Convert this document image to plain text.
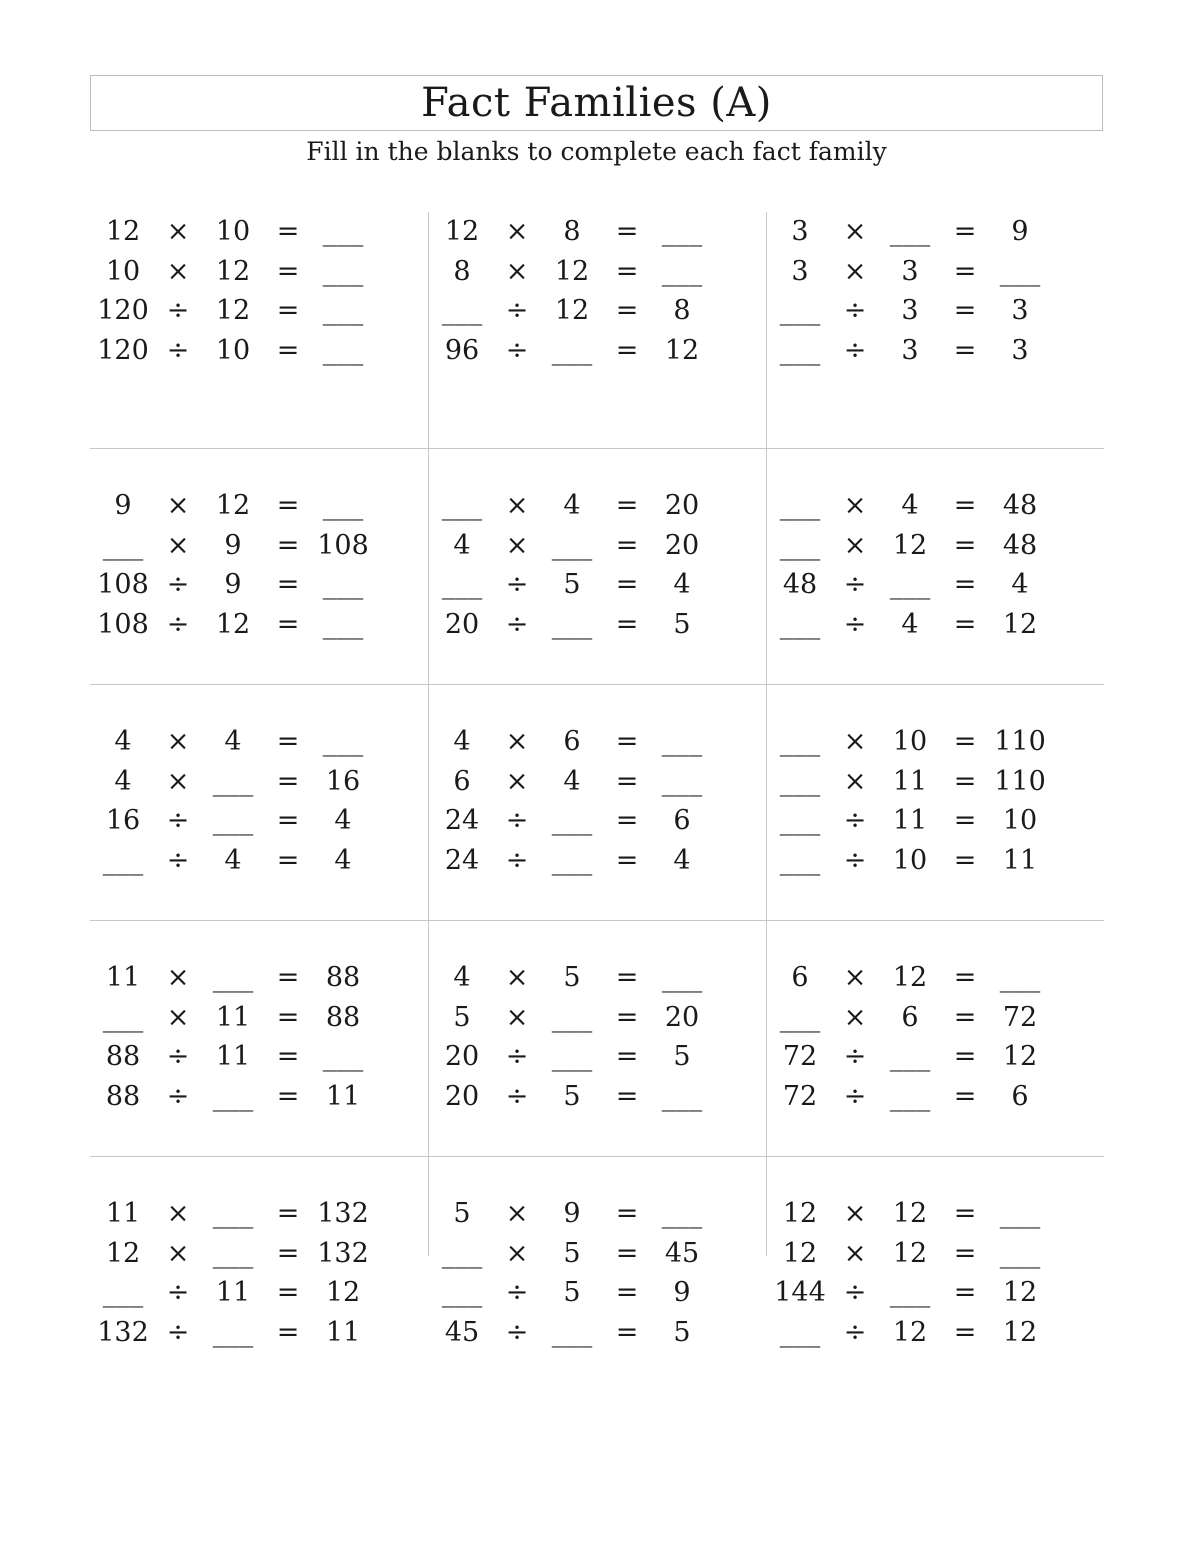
Fact Families (A)
Fill in the blanks to complete each fact family
12 × 10 = ___
10 × 12 = ___
120 ÷ 12 = ___
120 ÷ 10 = ___
12 ×	8	= ___
8	× 12 = ___
___ ÷ 12 =	8
96 ÷ ___ = 12
3	× ___ =	9
3	×	3	= ___
___ ÷	3	=	3
___ ÷	3	=	3
9	× 12 = ___
___ ×	9	= 108
108 ÷	9	= ___
108 ÷ 12 = ___
___ ×	4	= 20
4	× ___ = 20
___ ÷	5	=	4
20 ÷ ___ =	5
___ ×	4	= 48
___ × 12 = 48
48 ÷ ___ =	4
___ ÷	4	= 12
4	×	4	= ___
4	× ___ = 16
16 ÷ ___ =	4
___ ÷	4	=	4
4	×	6	= ___
6	×	4	= ___
24 ÷ ___ =	6
24 ÷ ___ =	4
___ × 10 = 110
___ × 11 = 110
___ ÷ 11 = 10
___ ÷ 10 = 11
11 × ___ = 88
___ × 11 = 88
88 ÷ 11 = ___
88 ÷ ___ = 11
4	×	5	= ___
5	× ___ = 20
20 ÷ ___ =	5
20 ÷	5	= ___
6	× 12 = ___
___ ×	6	= 72
72 ÷ ___ = 12
72 ÷ ___ =	6
11 × ___ = 132
12 × ___ = 132
___ ÷ 11 = 12
132 ÷ ___ = 11
5	×	9	= ___
___ ×	5	= 45
___ ÷	5	=	9
45 ÷ ___ =	5
12 × 12 = ___
12 × 12 = ___
144 ÷ ___ = 12
___ ÷ 12 = 12
